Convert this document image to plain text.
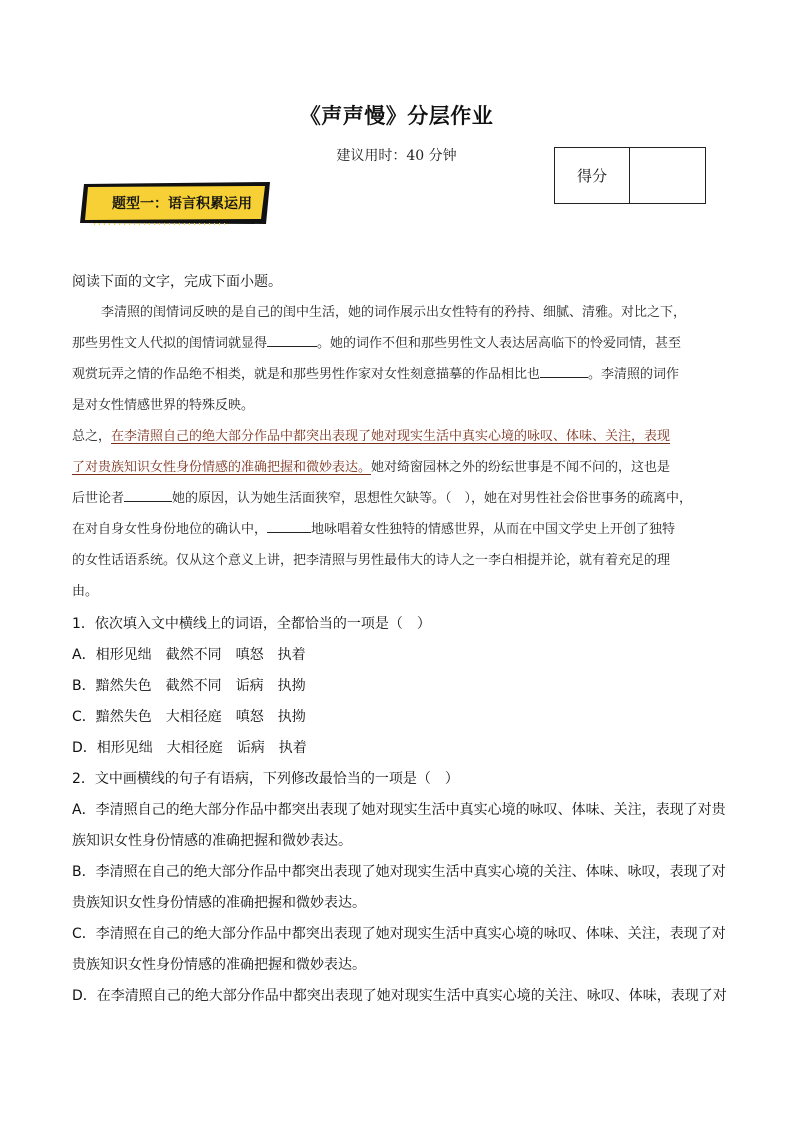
《声声慢》分层作业
建议用时：40 分钟
得分
题型一：语言积累运用
阅读下面的文字，完成下面小题。
李清照的闺情词反映的是自己的闺中生活，她的词作展示出女性特有的矜持、细腻、清雅。对比之下，
那些男性文人代拟的闺情词就显得	。她的词作不但和那些男性文人表达居高临下的怜爱同情，甚至
观赏玩弄之情的作品绝不相类，就是和那些男性作家对女性刻意描摹的作品相比也	。李清照的词作
是对女性情感世界的特殊反映。
总之，在李清照自己的绝大部分作品中都突出表现了她对现实生活中真实心境的咏叹、体味、关注，表现
了对贵族知识女性身份情感的准确把握和微妙表达。她对绮窗园林之外的纷纭世事是不闻不问的，这也是
后世论者	她的原因，认为她生活面狭窄，思想性欠缺等。（　），她在对男性社会俗世事务的疏离中，
在对自身女性身份地位的确认中，	地咏唱着女性独特的情感世界，从而在中国文学史上开创了独特
的女性话语系统。仅从这个意义上讲，把李清照与男性最伟大的诗人之一李白相提并论，就有着充足的理
由。
1．依次填入文中横线上的词语，全都恰当的一项是（　）
A．相形见绌　截然不同　嗔怒　执着
B．黯然失色　截然不同　诟病　执拗
C．黯然失色　大相径庭　嗔怒　执拗
D．相形见绌　大相径庭　诟病　执着
2．文中画横线的句子有语病，下列修改最恰当的一项是（　）
A．李清照自己的绝大部分作品中都突出表现了她对现实生活中真实心境的咏叹、体味、关注，表现了对贵
族知识女性身份情感的准确把握和微妙表达。
B．李清照在自己的绝大部分作品中都突出表现了她对现实生活中真实心境的关注、体味、咏叹，表现了对
贵族知识女性身份情感的准确把握和微妙表达。
C．李清照在自己的绝大部分作品中都突出表现了她对现实生活中真实心境的咏叹、体味、关注，表现了对
贵族知识女性身份情感的准确把握和微妙表达。
D．在李清照自己的绝大部分作品中都突出表现了她对现实生活中真实心境的关注、咏叹、体味，表现了对
